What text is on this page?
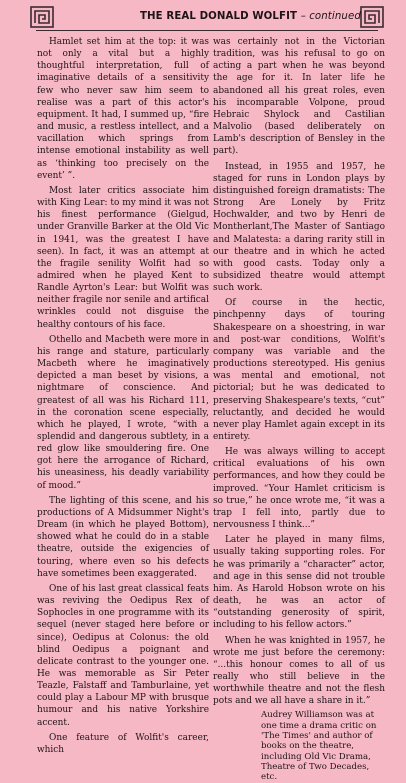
THE REAL DONALD WOLFIT – continued

Hamlet set him at the top: it was not only a vital but a highly thoughtful interpretation, full of imaginative details of a sensitivity few who never saw him seem to realise was a part of this actor's equipment. It had, I summed up, “fire and music, a restless intellect, and a vacillation which springs from intense emotional instability as well as ‘thinking too precisely on the event’ ”.

Most later critics associate him with King Lear: to my mind it was not his finest performance (Gielgud, under Granville Barker at the Old Vic in 1941, was the greatest I have seen). In fact, it was an attempt at the fragile senility Wolfit had so admired when he played Kent to Randle Ayrton's Lear: but Wolfit was neither fragile nor senile and artifical wrinkles could not disguise the healthy contours of his face.

Othello and Macbeth were more in his range and stature, particularly Macbeth where he imaginatively depicted a man beset by visions, a nightmare of conscience. And greatest of all was his Richard 111, in the coronation scene especially, which he played, I wrote, “with a splendid and dangerous subtlety, in a red glow like smouldering fire. One got here the arrogance of Richard, his uneasiness, his deadly variability of mood.”

The lighting of this scene, and his productions of A Midsummer Night's Dream (in which he played Bottom), showed what he could do in a stable theatre, outside the exigencies of touring, where even so his defects have sometimes been exaggerated.

One of his last great classical feats was reviving the Oedipus Rex of Sophocles in one programme with its sequel (never staged here before or since), Oedipus at Colonus: the old blind Oedipus a poignant and delicate contrast to the younger one. He was memorable as Sir Peter Teazle, Falstaff and Tamburlaine, yet could play a Labour MP with brusque humour and his native Yorkshire accent.

One feature of Wolfit's career, which

was certainly not in the Victorian tradition, was his refusal to go on acting a part when he was beyond the age for it. In later life he abandoned all his great roles, even his incomparable Volpone, proud Hebraic Shylock and Castilian Malvolio (based deliberately on Lamb's description of Bensley in the part).

Instead, in 1955 and 1957, he staged for runs in London plays by distinguished foreign dramatists: The Strong Are Lonely by Fritz Hochwalder, and two by Henri de Montherlant,The Master of Santiago and Malatesta: a daring rarity still in our theatre and in which he acted with good casts. Today only a subsidized theatre would attempt such work.

Of course in the hectic, pinchpenny days of touring Shakespeare on a shoestring, in war and post-war conditions, Wolfit's company was variable and the productions stereotyped. His genius was mental and emotional, not pictorial; but he was dedicated to preserving Shakespeare's texts, “cut” reluctantly, and decided he would never play Hamlet again except in its entirety.

He was always willing to accept critical evaluations of his own performances, and how they could be improved. “Your Hamlet criticism is so true,” he once wrote me, “it was a trap I fell into, partly due to nervousness I think...”

Later he played in many films, usually taking supporting roles. For he was primarily a “character” actor, and age in this sense did not trouble him. As Harold Hobson wrote on his death, he was an actor of “outstanding generosity of spirit, including to his fellow actors.”

When he was knighted in 1957, he wrote me just before the ceremony: “...this honour comes to all of us really who still believe in the worthwhile theatre and not the flesh pots and we all have a share in it.”

Audrey Williamson was at one time a drama critic on 'The Times' and author of books on the theatre, including Old Vic Drama, Theatre of Two Decades, etc.
